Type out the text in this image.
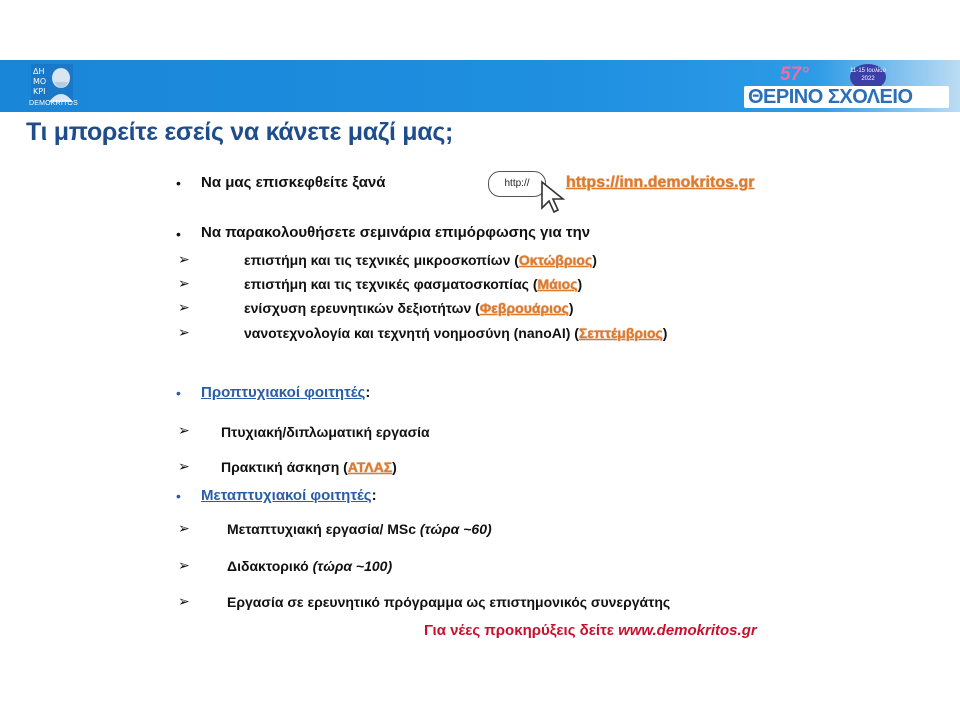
ΔΗ
ΜΟ
ΚΡΙ
DEMOKRITOS
57°	11-15 Ιουλίου 2022
ΘΕΡΙΝΟ ΣΧΟΛΕΙΟ
Τι μπορείτε εσείς να κάνετε μαζί μας;
• Να μας επισκεφθείτε ξανά	http://	https://inn.demokritos.gr
• Να παρακολουθήσετε σεμινάρια επιμόρφωσης για την
➢	επιστήμη και τις τεχνικές μικροσκοπίων (Οκτώβριος)
➢	επιστήμη και τις τεχνικές φασματοσκοπίας (Μάιος)
➢	ενίσχυση ερευνητικών δεξιοτήτων (Φεβρουάριος)
➢	νανοτεχνολογία και τεχνητή νοημοσύνη (nanoAI) (Σεπτέμβριος)
• Προπτυχιακοί φοιτητές:
➢ Πτυχιακή/διπλωματική εργασία
➢ Πρακτική άσκηση (ΑΤΛΑΣ)
• Μεταπτυχιακοί φοιτητές:
➢	Μεταπτυχιακή εργασία/ MSc (τώρα ~60)
➢	Διδακτορικό (τώρα ~100)
➢	Εργασία σε ερευνητικό πρόγραμμα ως επιστημονικός συνεργάτης
Για νέες προκηρύξεις δείτε www.demokritos.gr
